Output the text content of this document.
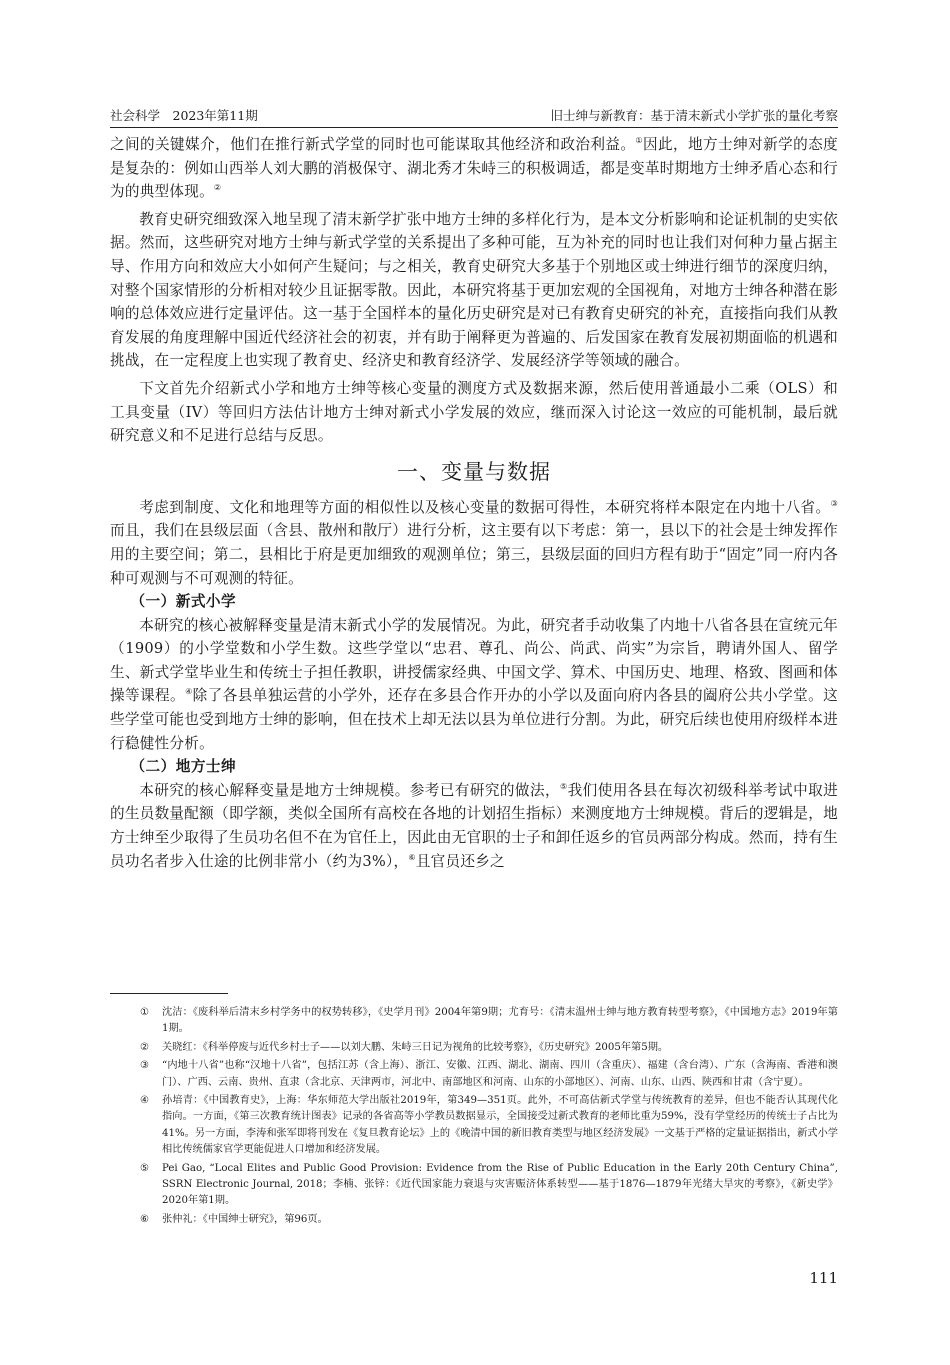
社会科学　2023年第11期	旧士绅与新教育：基于清末新式小学扩张的量化考察

之间的关键媒介，他们在推行新式学堂的同时也可能谋取其他经济和政治利益。①因此，地方士绅对新学的态度是复杂的：例如山西举人刘大鹏的消极保守、湖北秀才朱峙三的积极调适，都是变革时期地方士绅矛盾心态和行为的典型体现。②

教育史研究细致深入地呈现了清末新学扩张中地方士绅的多样化行为，是本文分析影响和论证机制的史实依据。然而，这些研究对地方士绅与新式学堂的关系提出了多种可能，互为补充的同时也让我们对何种力量占据主导、作用方向和效应大小如何产生疑问；与之相关，教育史研究大多基于个别地区或士绅进行细节的深度归纳，对整个国家情形的分析相对较少且证据零散。因此，本研究将基于更加宏观的全国视角，对地方士绅各种潜在影响的总体效应进行定量评估。这一基于全国样本的量化历史研究是对已有教育史研究的补充，直接指向我们从教育发展的角度理解中国近代经济社会的初衷，并有助于阐释更为普遍的、后发国家在教育发展初期面临的机遇和挑战，在一定程度上也实现了教育史、经济史和教育经济学、发展经济学等领域的融合。

下文首先介绍新式小学和地方士绅等核心变量的测度方式及数据来源，然后使用普通最小二乘（OLS）和工具变量（IV）等回归方法估计地方士绅对新式小学发展的效应，继而深入讨论这一效应的可能机制，最后就研究意义和不足进行总结与反思。

一、变量与数据

考虑到制度、文化和地理等方面的相似性以及核心变量的数据可得性，本研究将样本限定在内地十八省。③而且，我们在县级层面（含县、散州和散厅）进行分析，这主要有以下考虑：第一，县以下的社会是士绅发挥作用的主要空间；第二，县相比于府是更加细致的观测单位；第三，县级层面的回归方程有助于“固定”同一府内各种可观测与不可观测的特征。

（一）新式小学

本研究的核心被解释变量是清末新式小学的发展情况。为此，研究者手动收集了内地十八省各县在宣统元年（1909）的小学堂数和小学生数。这些学堂以“忠君、尊孔、尚公、尚武、尚实”为宗旨，聘请外国人、留学生、新式学堂毕业生和传统士子担任教职，讲授儒家经典、中国文学、算术、中国历史、地理、格致、图画和体操等课程。④除了各县单独运营的小学外，还存在多县合作开办的小学以及面向府内各县的阖府公共小学堂。这些学堂可能也受到地方士绅的影响，但在技术上却无法以县为单位进行分割。为此，研究后续也使用府级样本进行稳健性分析。

（二）地方士绅

本研究的核心解释变量是地方士绅规模。参考已有研究的做法，⑤我们使用各县在每次初级科举考试中取进的生员数量配额（即学额，类似全国所有高校在各地的计划招生指标）来测度地方士绅规模。背后的逻辑是，地方士绅至少取得了生员功名但不在为官任上，因此由无官职的士子和卸任返乡的官员两部分构成。然而，持有生员功名者步入仕途的比例非常小（约为3%），⑥且官员还乡之

① 沈洁：《废科举后清末乡村学务中的权势转移》，《史学月刊》2004年第9期；尤育号：《清末温州士绅与地方教育转型考察》，《中国地方志》2019年第1期。
② 关晓红：《科举停废与近代乡村士子——以刘大鹏、朱峙三日记为视角的比较考察》，《历史研究》2005年第5期。
③ “内地十八省”也称“汉地十八省”，包括江苏（含上海）、浙江、安徽、江西、湖北、湖南、四川（含重庆）、福建（含台湾）、广东（含海南、香港和澳门）、广西、云南、贵州、直隶（含北京、天津两市，河北中、南部地区和河南、山东的小部地区）、河南、山东、山西、陕西和甘肃（含宁夏）。
④ 孙培青：《中国教育史》，上海：华东师范大学出版社2019年，第349—351页。此外，不可高估新式学堂与传统教育的差异，但也不能否认其现代化指向。一方面，《第三次教育统计图表》记录的各省高等小学教员数据显示，全国接受过新式教育的老师比重为59%，没有学堂经历的传统士子占比为41%。另一方面，李涛和张军即将刊发在《复旦教育论坛》上的《晚清中国的新旧教育类型与地区经济发展》一文基于严格的定量证据指出，新式小学相比传统儒家官学更能促进人口增加和经济发展。
⑤ Pei Gao, “Local Elites and Public Good Provision: Evidence from the Rise of Public Education in the Early 20th Century China”, SSRN Electronic Journal, 2018；李楠、张锌：《近代国家能力衰退与灾害赈济体系转型——基于1876—1879年光绪大旱灾的考察》，《新史学》2020年第1期。
⑥ 张仲礼：《中国绅士研究》，第96页。
111
